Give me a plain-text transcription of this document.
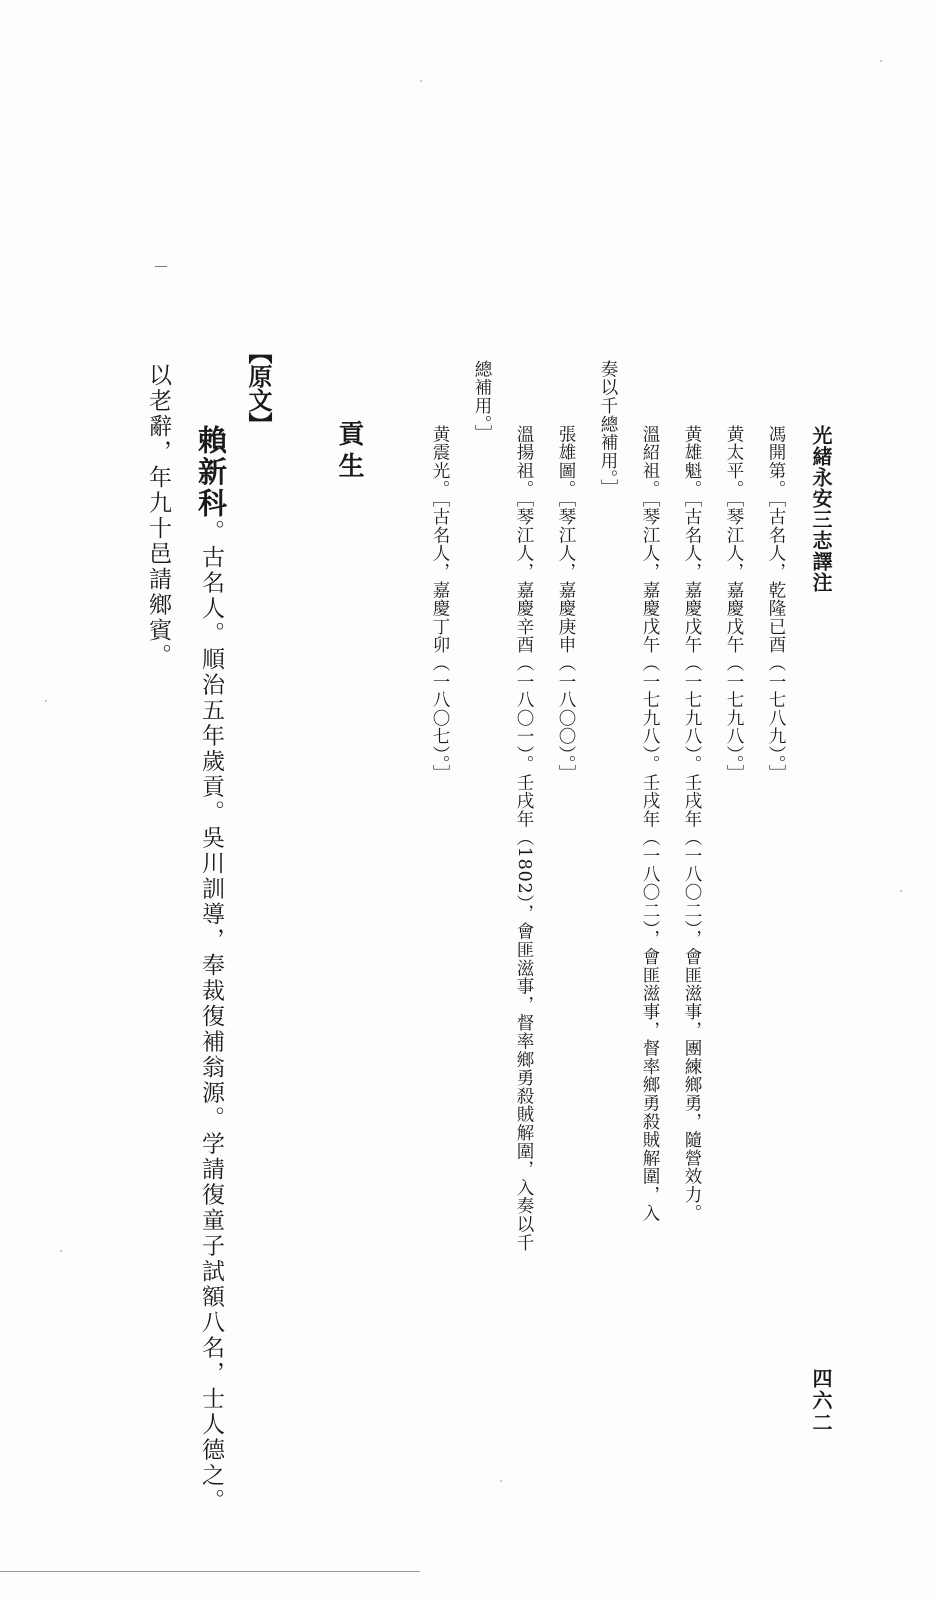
光緒永安三志譯注
四六二
馮開第。［古名人，乾隆已酉（一七八九）。］
黄太平。［琴江人，嘉慶戊午（一七九八）。］
黄雄魁。［古名人，嘉慶戊午（一七九八）。壬戌年（一八〇二），會匪滋事，團練鄉勇，隨營效力。
溫紹祖。［琴江人，嘉慶戊午（一七九八）。壬戌年（一八〇二），會匪滋事，督率鄉勇殺賊解圍，入
奏以千總補用。］
張雄圖。［琴江人，嘉慶庚申（一八〇〇）。］
溫揚祖。［琴江人，嘉慶辛酉（一八〇一）。壬戌年（1802），會匪滋事，督率鄉勇殺賊解圍，入奏以千
總補用。］
黄震光。［古名人，嘉慶丁卯（一八〇七）。］
貢生
【原文】
賴新科。古名人。順治五年歲貢。吳川訓導，奉裁復補翁源。学請復童子試額八名，士人德之。
以老辭，年九十邑請鄉賓。
